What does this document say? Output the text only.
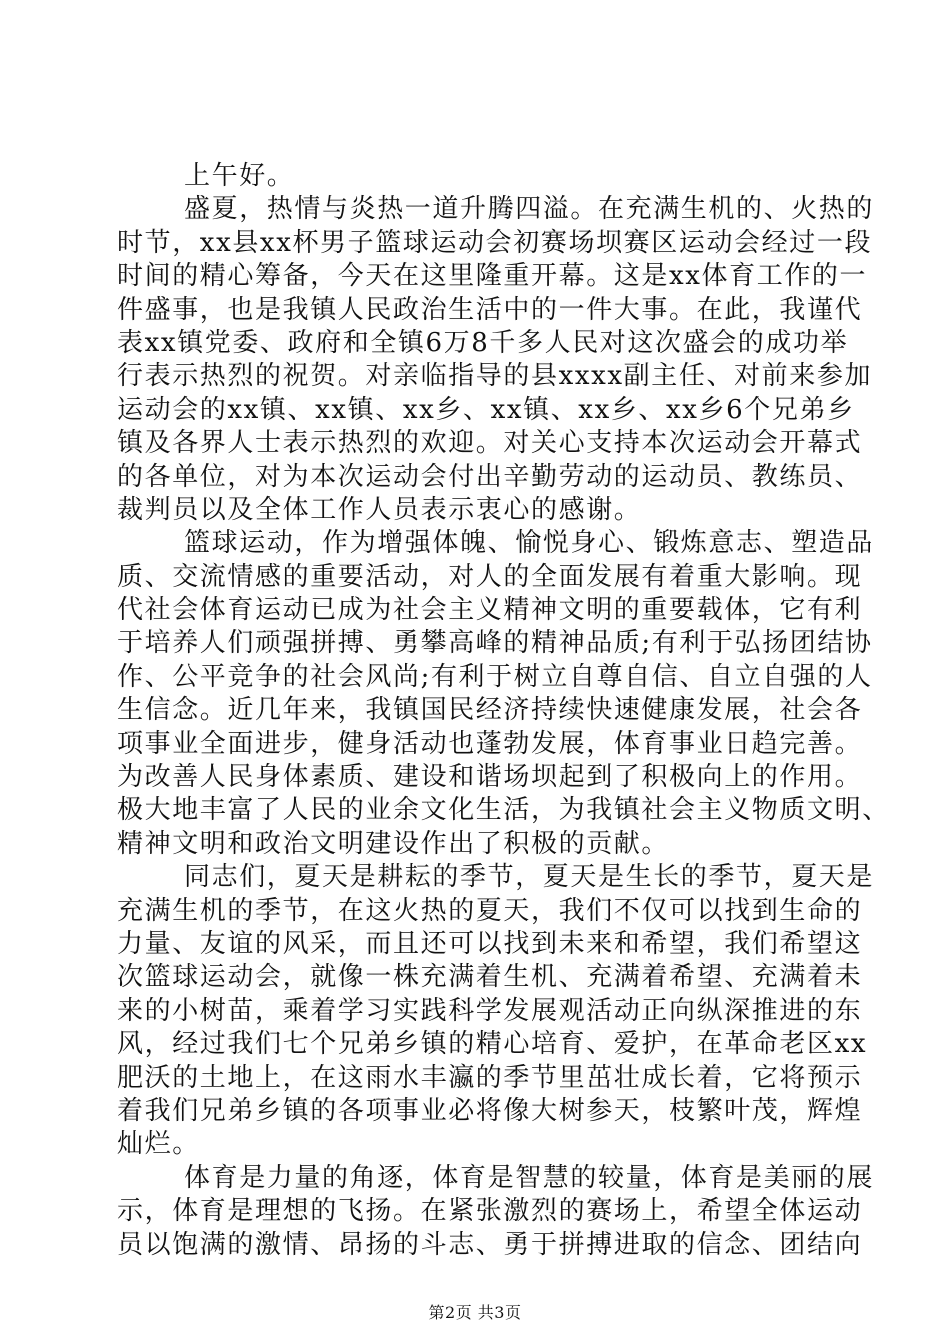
上午好。
盛夏，热情与炎热一道升腾四溢。在充满生机的、火热的
时节，xx县xx杯男子篮球运动会初赛场坝赛区运动会经过一段
时间的精心筹备，今天在这里隆重开幕。这是xx体育工作的一
件盛事，也是我镇人民政治生活中的一件大事。在此，我谨代
表xx镇党委、政府和全镇6万8千多人民对这次盛会的成功举
行表示热烈的祝贺。对亲临指导的县xxxx副主任、对前来参加
运动会的xx镇、xx镇、xx乡、xx镇、xx乡、xx乡6个兄弟乡
镇及各界人士表示热烈的欢迎。对关心支持本次运动会开幕式
的各单位，对为本次运动会付出辛勤劳动的运动员、教练员、
裁判员以及全体工作人员表示衷心的感谢。
篮球运动，作为增强体魄、愉悦身心、锻炼意志、塑造品
质、交流情感的重要活动，对人的全面发展有着重大影响。现
代社会体育运动已成为社会主义精神文明的重要载体，它有利
于培养人们顽强拼搏、勇攀高峰的精神品质;有利于弘扬团结协
作、公平竞争的社会风尚;有利于树立自尊自信、自立自强的人
生信念。近几年来，我镇国民经济持续快速健康发展，社会各
项事业全面进步，健身活动也蓬勃发展，体育事业日趋完善。
为改善人民身体素质、建设和谐场坝起到了积极向上的作用。
极大地丰富了人民的业余文化生活，为我镇社会主义物质文明、
精神文明和政治文明建设作出了积极的贡献。
同志们，夏天是耕耘的季节，夏天是生长的季节，夏天是
充满生机的季节，在这火热的夏天，我们不仅可以找到生命的
力量、友谊的风采，而且还可以找到未来和希望，我们希望这
次篮球运动会，就像一株充满着生机、充满着希望、充满着未
来的小树苗，乘着学习实践科学发展观活动正向纵深推进的东
风，经过我们七个兄弟乡镇的精心培育、爱护，在革命老区xx
肥沃的土地上，在这雨水丰瀛的季节里茁壮成长着，它将预示
着我们兄弟乡镇的各项事业必将像大树参天，枝繁叶茂，辉煌
灿烂。
体育是力量的角逐，体育是智慧的较量，体育是美丽的展
示，体育是理想的飞扬。在紧张激烈的赛场上，希望全体运动
员以饱满的激情、昂扬的斗志、勇于拼搏进取的信念、团结向
第2页 共3页
